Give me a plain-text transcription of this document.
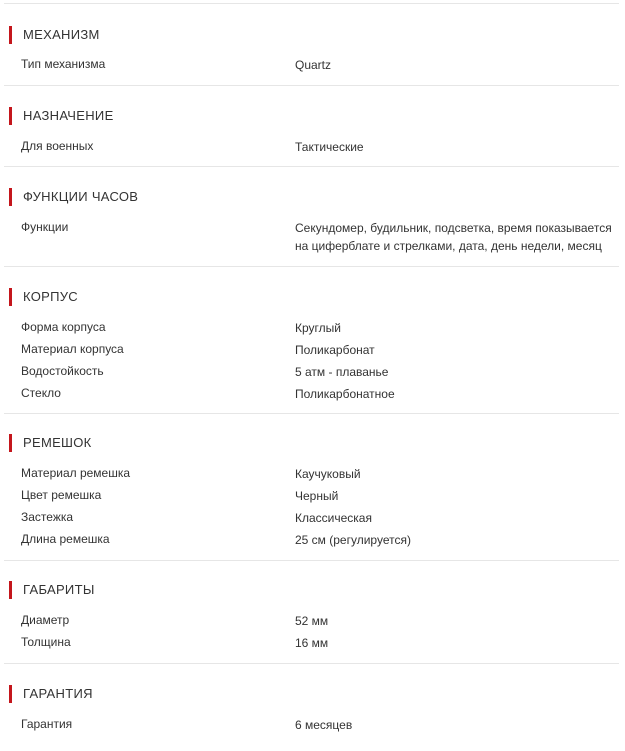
МЕХАНИЗМ
Тип механизма	Quartz
НАЗНАЧЕНИЕ
Для военных	Тактические
ФУНКЦИИ ЧАСОВ
Функции	Секундомер, будильник, подсветка, время показывается на циферблате и стрелками, дата, день недели, месяц
КОРПУС
Форма корпуса	Круглый
Материал корпуса	Поликарбонат
Водостойкость	5 атм - плаванье
Стекло	Поликарбонатное
РЕМЕШОК
Материал ремешка	Каучуковый
Цвет ремешка	Черный
Застежка	Классическая
Длина ремешка	25 см (регулируется)
ГАБАРИТЫ
Диаметр	52 мм
Толщина	16 мм
ГАРАНТИЯ
Гарантия	6 месяцев
